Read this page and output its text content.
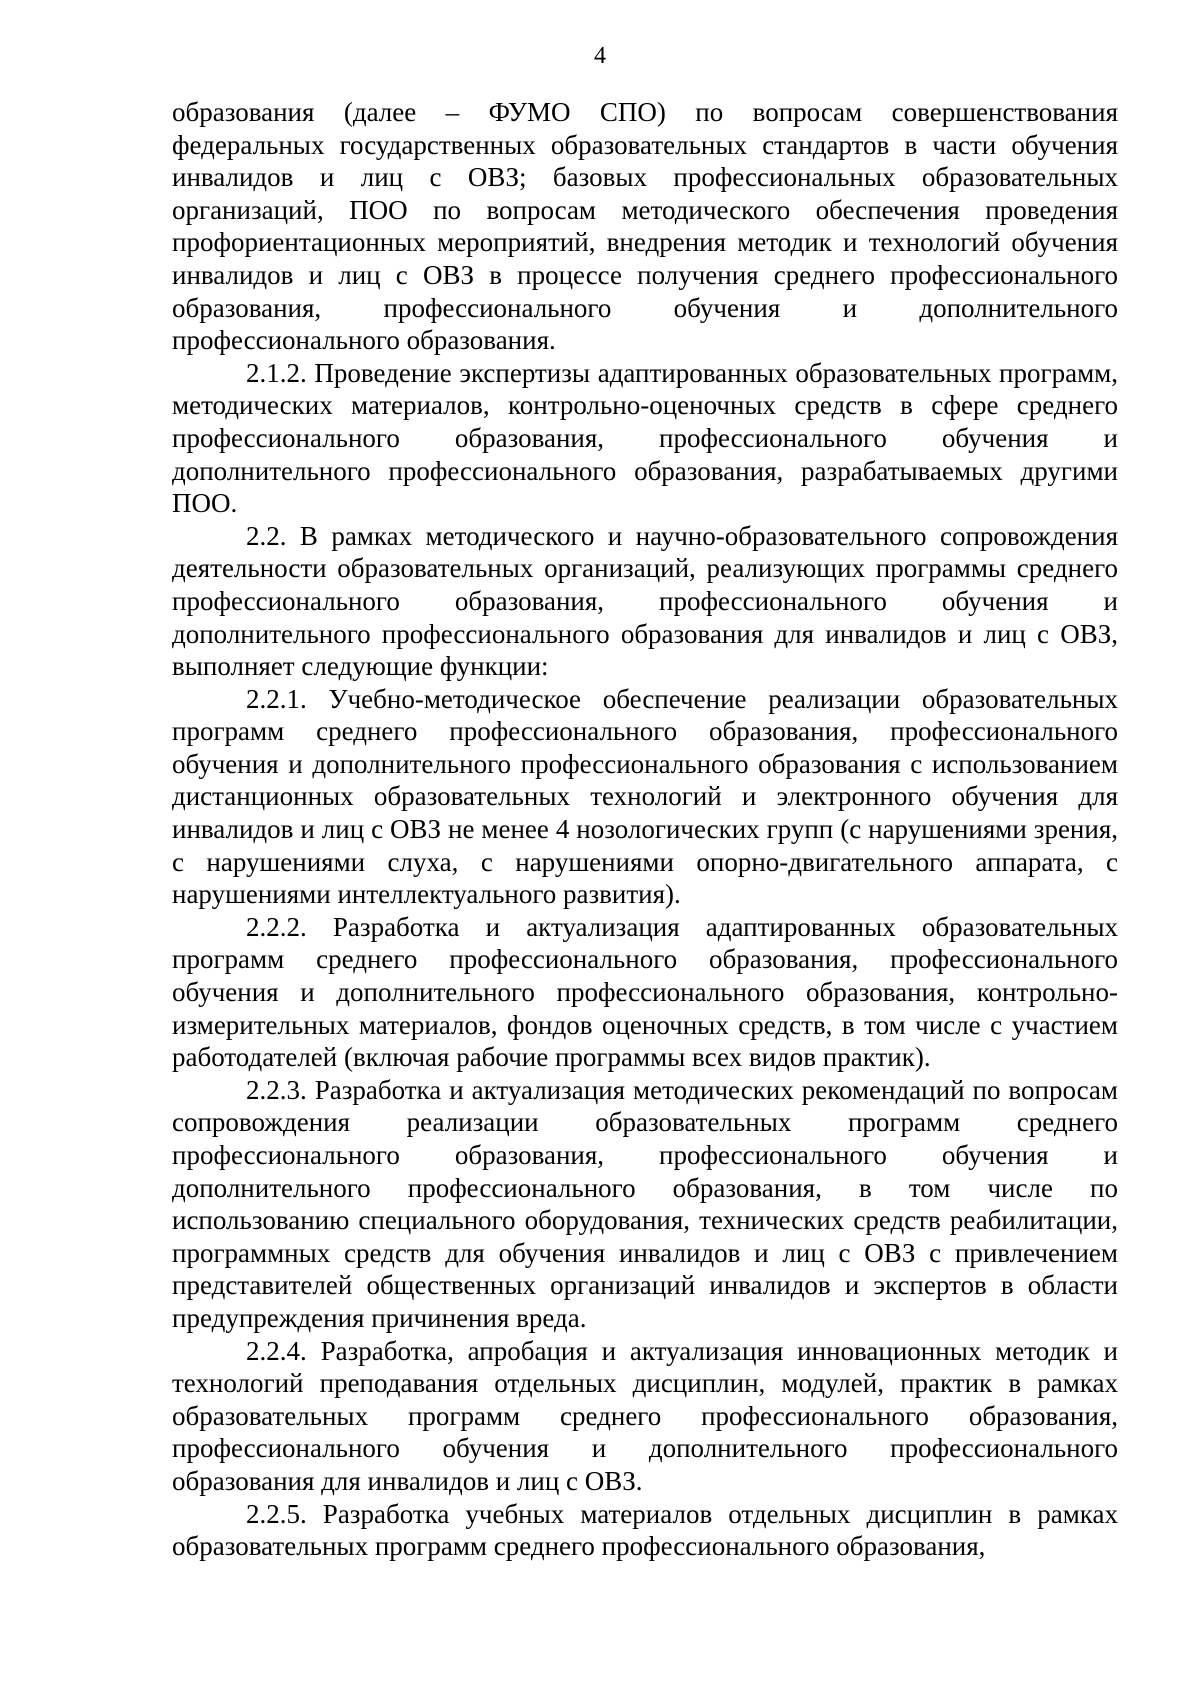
4

образования (далее – ФУМО СПО) по вопросам совершенствования федеральных государственных образовательных стандартов в части обучения инвалидов и лиц с ОВЗ; базовых профессиональных образовательных организаций, ПОО по вопросам методического обеспечения проведения профориентационных мероприятий, внедрения методик и технологий обучения инвалидов и лиц с ОВЗ в процессе получения среднего профессионального образования, профессионального обучения и дополнительного профессионального образования.

2.1.2. Проведение экспертизы адаптированных образовательных программ, методических материалов, контрольно-оценочных средств в сфере среднего профессионального образования, профессионального обучения и дополнительного профессионального образования, разрабатываемых другими ПОО.

2.2. В рамках методического и научно-образовательного сопровождения деятельности образовательных организаций, реализующих программы среднего профессионального образования, профессионального обучения и дополнительного профессионального образования для инвалидов и лиц с ОВЗ, выполняет следующие функции:

2.2.1. Учебно-методическое обеспечение реализации образовательных программ среднего профессионального образования, профессионального обучения и дополнительного профессионального образования с использованием дистанционных образовательных технологий и электронного обучения для инвалидов и лиц с ОВЗ не менее 4 нозологических групп (с нарушениями зрения, с нарушениями слуха, с нарушениями опорно-двигательного аппарата, с нарушениями интеллектуального развития).

2.2.2. Разработка и актуализация адаптированных образовательных программ среднего профессионального образования, профессионального обучения и дополнительного профессионального образования, контрольно-измерительных материалов, фондов оценочных средств, в том числе с участием работодателей (включая рабочие программы всех видов практик).

2.2.3. Разработка и актуализация методических рекомендаций по вопросам сопровождения реализации образовательных программ среднего профессионального образования, профессионального обучения и дополнительного профессионального образования, в том числе по использованию специального оборудования, технических средств реабилитации, программных средств для обучения инвалидов и лиц с ОВЗ с привлечением представителей общественных организаций инвалидов и экспертов в области предупреждения причинения вреда.

2.2.4. Разработка, апробация и актуализация инновационных методик и технологий преподавания отдельных дисциплин, модулей, практик в рамках образовательных программ среднего профессионального образования, профессионального обучения и дополнительного профессионального образования для инвалидов и лиц с ОВЗ.

2.2.5. Разработка учебных материалов отдельных дисциплин в рамках образовательных программ среднего профессионального образования,
